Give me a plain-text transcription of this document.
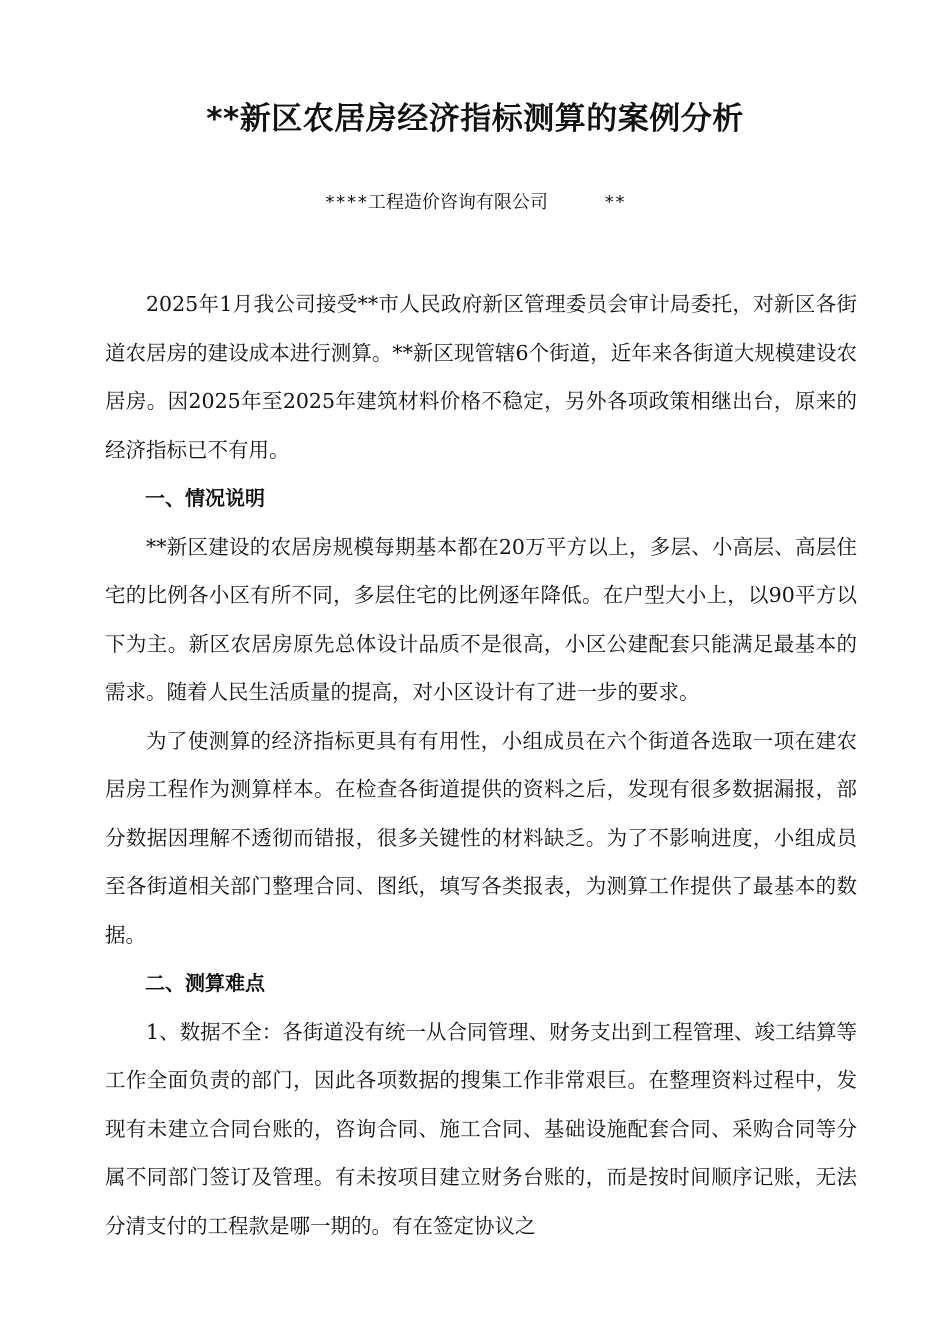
**新区农居房经济指标测算的案例分析
****工程造价咨询有限公司	**

2025年1月我公司接受**市人民政府新区管理委员会审计局委托，对新区各街道农居房的建设成本进行测算。**新区现管辖6个街道，近年来各街道大规模建设农居房。因2025年至2025年建筑材料价格不稳定，另外各项政策相继出台，原来的经济指标已不有用。

一、情况说明

**新区建设的农居房规模每期基本都在20万平方以上，多层、小高层、高层住宅的比例各小区有所不同，多层住宅的比例逐年降低。在户型大小上，以90平方以下为主。新区农居房原先总体设计品质不是很高，小区公建配套只能满足最基本的需求。随着人民生活质量的提高，对小区设计有了进一步的要求。

为了使测算的经济指标更具有有用性，小组成员在六个街道各选取一项在建农居房工程作为测算样本。在检查各街道提供的资料之后，发现有很多数据漏报，部分数据因理解不透彻而错报，很多关键性的材料缺乏。为了不影响进度，小组成员至各街道相关部门整理合同、图纸，填写各类报表，为测算工作提供了最基本的数据。

二、测算难点

1、数据不全：各街道没有统一从合同管理、财务支出到工程管理、竣工结算等工作全面负责的部门，因此各项数据的搜集工作非常艰巨。在整理资料过程中，发现有未建立合同台账的，咨询合同、施工合同、基础设施配套合同、采购合同等分属不同部门签订及管理。有未按项目建立财务台账的，而是按时间顺序记账，无法分清支付的工程款是哪一期的。有在签定协议之
